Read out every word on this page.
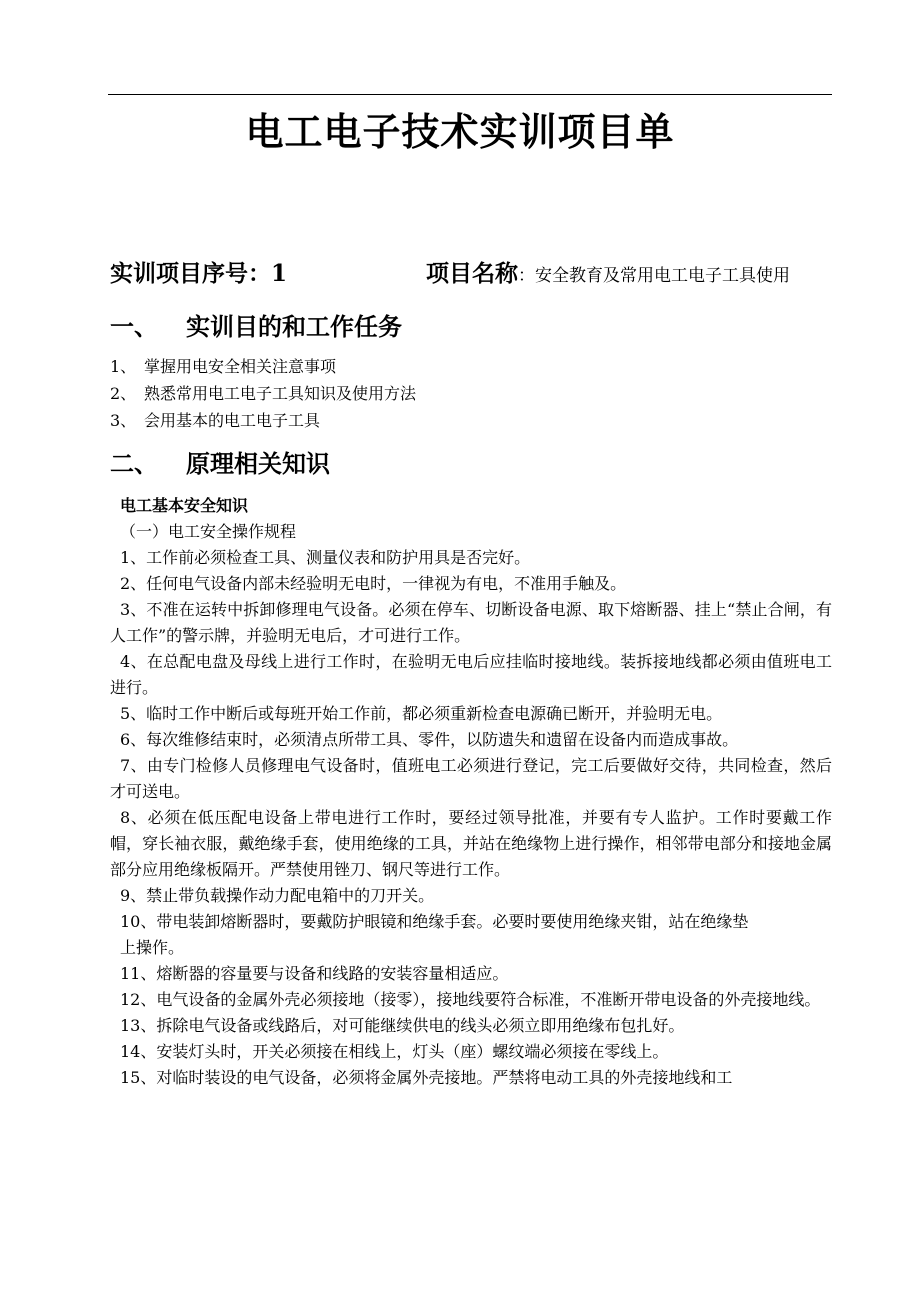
电工电子技术实训项目单
实训项目序号：1	项目名称：安全教育及常用电工电子工具使用
一、 实训目的和工作任务
1、 掌握用电安全相关注意事项
2、 熟悉常用电工电子工具知识及使用方法
3、 会用基本的电工电子工具
二、 原理相关知识
电工基本安全知识
（一）电工安全操作规程
1、工作前必须检查工具、测量仪表和防护用具是否完好。
2、任何电气设备内部未经验明无电时，一律视为有电，不准用手触及。
3、不准在运转中拆卸修理电气设备。必须在停车、切断设备电源、取下熔断器、挂上“禁止合闸，有人工作”的警示牌，并验明无电后，才可进行工作。
4、在总配电盘及母线上进行工作时，在验明无电后应挂临时接地线。装拆接地线都必须由值班电工进行。
5、临时工作中断后或每班开始工作前，都必须重新检查电源确已断开，并验明无电。
6、每次维修结束时，必须清点所带工具、零件，以防遗失和遗留在设备内而造成事故。
7、由专门检修人员修理电气设备时，值班电工必须进行登记，完工后要做好交待，共同检查，然后才可送电。
8、必须在低压配电设备上带电进行工作时，要经过领导批准，并要有专人监护。工作时要戴工作帽，穿长袖衣服，戴绝缘手套，使用绝缘的工具，并站在绝缘物上进行操作，相邻带电部分和接地金属部分应用绝缘板隔开。严禁使用锉刀、钢尺等进行工作。
9、禁止带负载操作动力配电箱中的刀开关。
10、带电装卸熔断器时，要戴防护眼镜和绝缘手套。必要时要使用绝缘夹钳，站在绝缘垫
上操作。
11、熔断器的容量要与设备和线路的安装容量相适应。
12、电气设备的金属外壳必须接地（接零），接地线要符合标准，不准断开带电设备的外壳接地线。
13、拆除电气设备或线路后，对可能继续供电的线头必须立即用绝缘布包扎好。
14、安装灯头时，开关必须接在相线上，灯头（座）螺纹端必须接在零线上。
15、对临时装设的电气设备，必须将金属外壳接地。严禁将电动工具的外壳接地线和工
